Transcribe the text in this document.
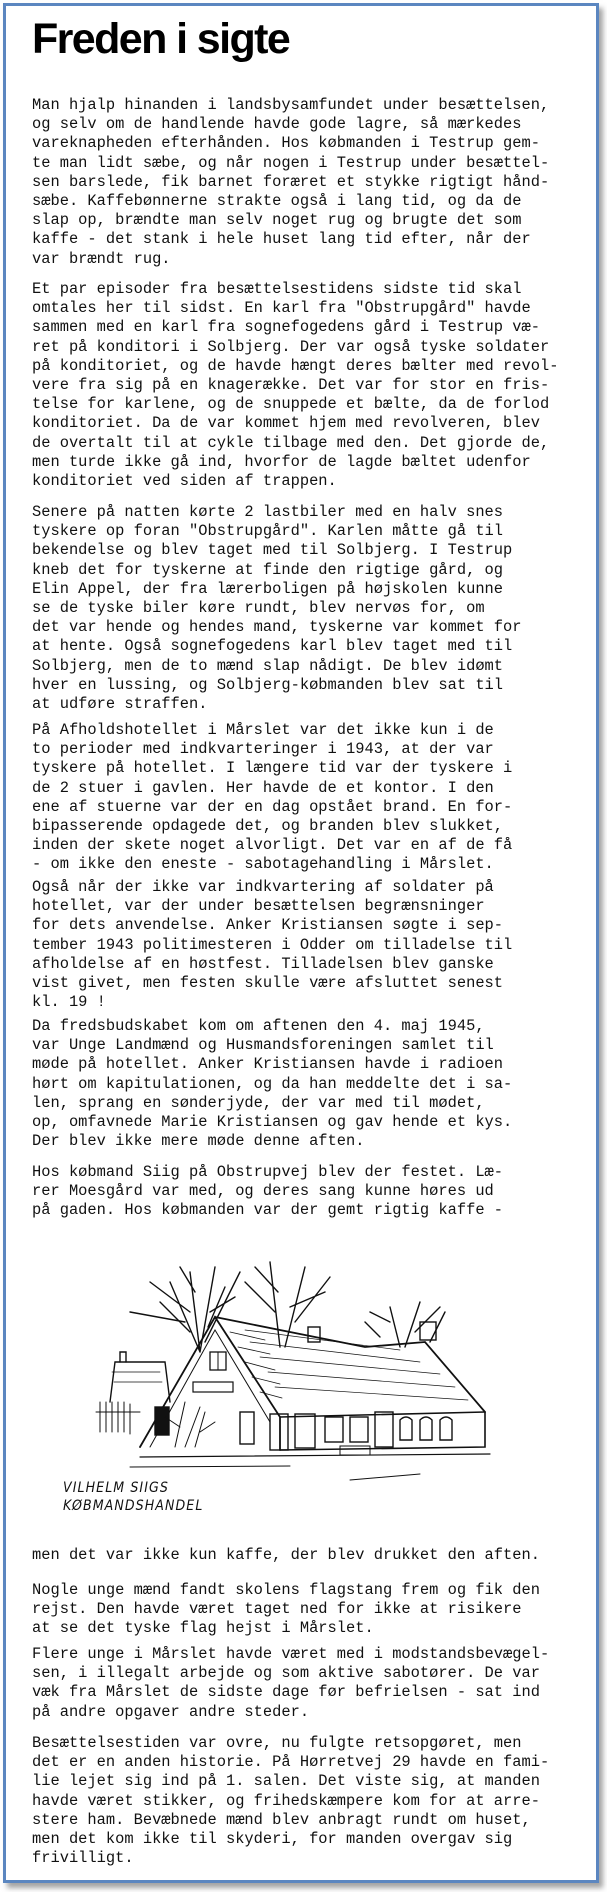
Freden i sigte
Man hjalp hinanden i landsbysamfundet under besættelsen,
og selv om de handlende havde gode lagre, så mærkedes
vareknapheden efterhånden. Hos købmanden i Testrup gem-
te man lidt sæbe, og når nogen i Testrup under besættel-
sen barslede, fik barnet foræret et stykke rigtigt hånd-
sæbe. Kaffebønnerne strakte også i lang tid, og da de
slap op, brændte man selv noget rug og brugte det som
kaffe - det stank i hele huset lang tid efter, når der
var brændt rug.
Et par episoder fra besættelsestidens sidste tid skal
omtales her til sidst. En karl fra "Obstrupgård" havde
sammen med en karl fra sognefogedens gård i Testrup væ-
ret på konditori i Solbjerg. Der var også tyske soldater
på konditoriet, og de havde hængt deres bælter med revol-
vere fra sig på en knagerække. Det var for stor en fris-
telse for karlene, og de snuppede et bælte, da de forlod
konditoriet. Da de var kommet hjem med revolveren, blev
de overtalt til at cykle tilbage med den. Det gjorde de,
men turde ikke gå ind, hvorfor de lagde bæltet udenfor
konditoriet ved siden af trappen.
Senere på natten kørte 2 lastbiler med en halv snes
tyskere op foran "Obstrupgård". Karlen måtte gå til
bekendelse og blev taget med til Solbjerg. I Testrup
kneb det for tyskerne at finde den rigtige gård, og
Elin Appel, der fra lærerboligen på højskolen kunne
se de tyske biler køre rundt, blev nervøs for, om
det var hende og hendes mand, tyskerne var kommet for
at hente. Også sognefogedens karl blev taget med til
Solbjerg, men de to mænd slap nådigt. De blev idømt
hver en lussing, og Solbjerg-købmanden blev sat til
at udføre straffen.
På Afholdshotellet i Mårslet var det ikke kun i de
to perioder med indkvarteringer i 1943, at der var
tyskere på hotellet. I længere tid var der tyskere i
de 2 stuer i gavlen. Her havde de et kontor. I den
ene af stuerne var der en dag opstået brand. En for-
bipasserende opdagede det, og branden blev slukket,
inden der skete noget alvorligt. Det var en af de få
- om ikke den eneste - sabotagehandling i Mårslet.
Også når der ikke var indkvartering af soldater på
hotellet, var der under besættelsen begrænsninger
for dets anvendelse. Anker Kristiansen søgte i sep-
tember 1943 politimesteren i Odder om tilladelse til
afholdelse af en høstfest. Tilladelsen blev ganske
vist givet, men festen skulle være afsluttet senest
kl. 19 !
Da fredsbudskabet kom om aftenen den 4. maj 1945,
var Unge Landmænd og Husmandsforeningen samlet til
møde på hotellet. Anker Kristiansen havde i radioen
hørt om kapitulationen, og da han meddelte det i sa-
len, sprang en sønderjyde, der var med til mødet,
op, omfavnede Marie Kristiansen og gav hende et kys.
Der blev ikke mere møde denne aften.
Hos købmand Siig på Obstrupvej blev der festet. Læ-
rer Moesgård var med, og deres sang kunne høres ud
på gaden. Hos købmanden var der gemt rigtig kaffe -
VILHELM SIIGS
KØBMANDSHANDEL
men det var ikke kun kaffe, der blev drukket den aften.
Nogle unge mænd fandt skolens flagstang frem og fik den
rejst. Den havde været taget ned for ikke at risikere
at se det tyske flag hejst i Mårslet.
Flere unge i Mårslet havde været med i modstandsbevægel-
sen, i illegalt arbejde og som aktive sabotører. De var
væk fra Mårslet de sidste dage før befrielsen - sat ind
på andre opgaver andre steder.
Besættelsestiden var ovre, nu fulgte retsopgøret, men
det er en anden historie. På Hørretvej 29 havde en fami-
lie lejet sig ind på 1. salen. Det viste sig, at manden
havde været stikker, og frihedskæmpere kom for at arre-
stere ham. Bevæbnede mænd blev anbragt rundt om huset,
men det kom ikke til skyderi, for manden overgav sig
frivilligt.
